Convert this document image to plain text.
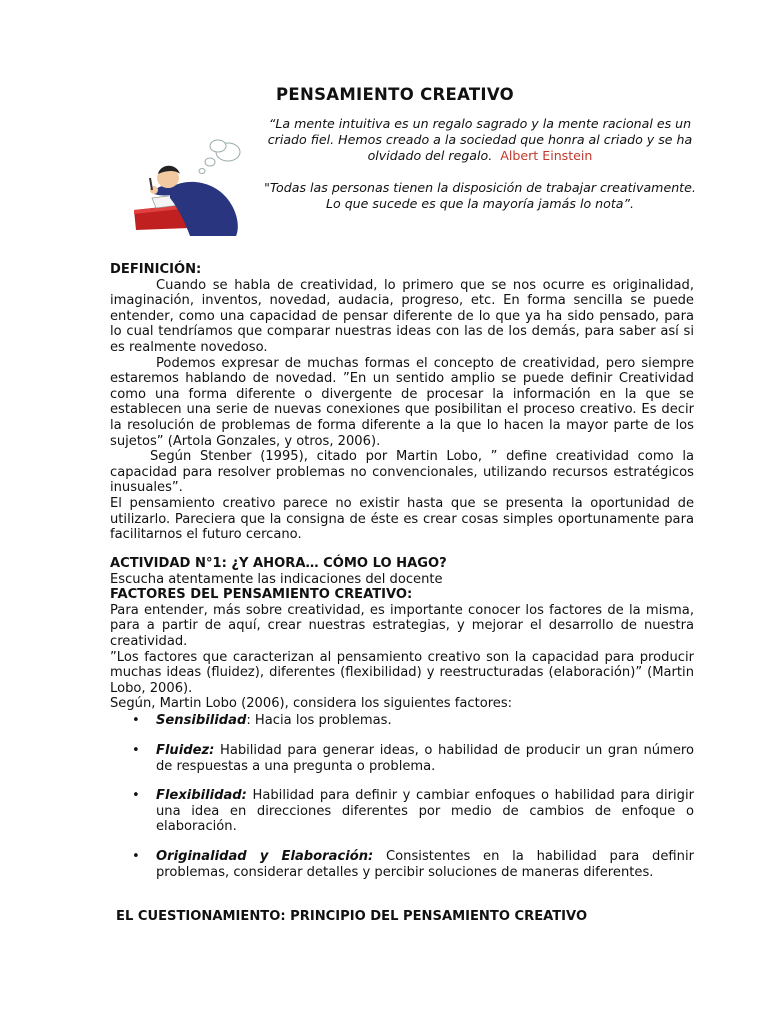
PENSAMIENTO CREATIVO
“La mente intuitiva es un regalo sagrado y la mente racional es un criado fiel. Hemos creado a la sociedad que honra al criado y se ha olvidado del regalo. Albert Einstein
"Todas las personas tienen la disposición de trabajar creativamente. Lo que sucede es que la mayoría jamás lo nota”.
DEFINICIÓN:
Cuando se habla de creatividad, lo primero que se nos ocurre es originalidad, imaginación, inventos, novedad, audacia, progreso, etc. En forma sencilla se puede entender, como una capacidad de pensar diferente de lo que ya ha sido pensado, para lo cual tendríamos que comparar nuestras ideas con las de los demás, para saber así si es realmente novedoso.
Podemos expresar de muchas formas el concepto de creatividad, pero siempre estaremos hablando de novedad. ”En un sentido amplio se puede definir Creatividad como una forma diferente o divergente de procesar la información en la que se establecen una serie de nuevas conexiones que posibilitan el proceso creativo. Es decir la resolución de problemas de forma diferente a la que lo hacen la mayor parte de los sujetos” (Artola Gonzales, y otros, 2006).
Según Stenber (1995), citado por Martin Lobo, ” define creatividad como la capacidad para resolver problemas no convencionales, utilizando recursos estratégicos inusuales”.
El pensamiento creativo parece no existir hasta que se presenta la oportunidad de utilizarlo. Pareciera que la consigna de éste es crear cosas simples oportunamente para facilitarnos el futuro cercano.
ACTIVIDAD N°1: ¿Y AHORA… CÓMO LO HAGO?
Escucha atentamente las indicaciones del docente
FACTORES DEL PENSAMIENTO CREATIVO:
Para entender, más sobre creatividad, es importante conocer los factores de la misma, para a partir de aquí, crear nuestras estrategias, y mejorar el desarrollo de nuestra creatividad.
”Los factores que caracterizan al pensamiento creativo son la capacidad para producir muchas ideas (fluidez), diferentes (flexibilidad) y reestructuradas (elaboración)” (Martin Lobo, 2006).
Según, Martin Lobo (2006), considera los siguientes factores:
• Sensibilidad: Hacia los problemas.
• Fluidez: Habilidad para generar ideas, o habilidad de producir un gran número de respuestas a una pregunta o problema.
• Flexibilidad: Habilidad para definir y cambiar enfoques o habilidad para dirigir una idea en direcciones diferentes por medio de cambios de enfoque o elaboración.
• Originalidad y Elaboración: Consistentes en la habilidad para definir problemas, considerar detalles y percibir soluciones de maneras diferentes.
EL CUESTIONAMIENTO: PRINCIPIO DEL PENSAMIENTO CREATIVO
